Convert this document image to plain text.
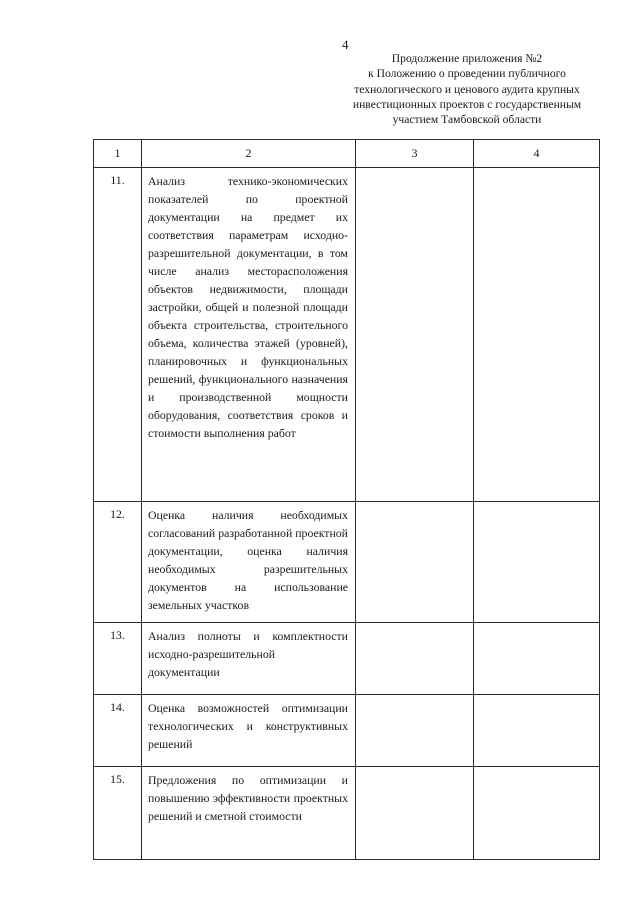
4
Продолжение приложения №2
к Положению о проведении публичного
технологического и ценового аудита крупных
инвестиционных проектов с государственным
участием Тамбовской области
1	2	3	4
11.	Анализ технико-экономических показателей по проектной документации на предмет их соответствия параметрам исходно-разрешительной документации, в том числе анализ месторасположения объектов недвижимости, площади застройки, общей и полезной площади объекта строительства, строительного объема, количества этажей (уровней), планировочных и функциональных решений, функционального назначения и производственной мощности оборудования, соответствия сроков и стоимости выполнения работ		
12.	Оценка наличия необходимых согласований разработанной проектной документации, оценка наличия необходимых разрешительных документов на использование земельных участков		
13.	Анализ полноты и комплектности исходно-разрешительной документации		
14.	Оценка возможностей оптимизации технологических и конструктивных решений		
15.	Предложения по оптимизации и повышению эффективности проектных решений и сметной стоимости		
